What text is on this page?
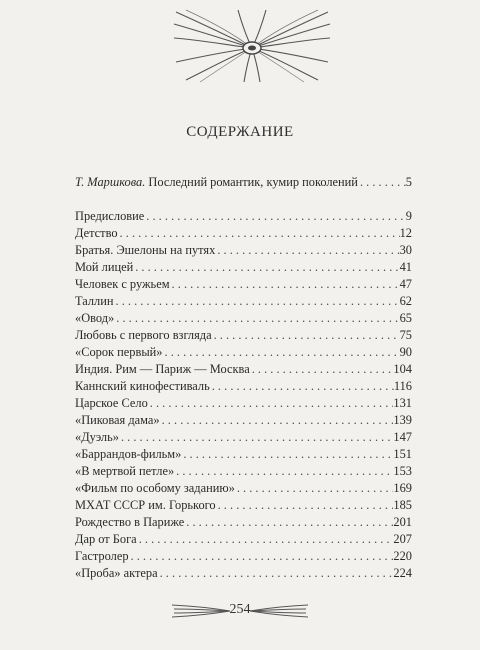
СОДЕРЖАНИЕ
Т. Маршкова. Последний романтик, кумир поколений . . .	5
Предисловие . . .	9
Детство . . .	12
Братья. Эшелоны на путях . . .	30
Мой лицей . . .	41
Человек с ружьем . . .	47
Таллин . . .	62
«Овод» . . .	65
Любовь с первого взгляда . . .	75
«Сорок первый» . . .	90
Индия. Рим — Париж — Москва . . .	104
Каннский кинофестиваль . . .	116
Царское Село . . .	131
«Пиковая дама» . . .	139
«Дуэль» . . .	147
«Баррандов-фильм» . . .	151
«В мертвой петле» . . .	153
«Фильм по особому заданию» . . .	169
МХАТ СССР им. Горького . . .	185
Рождество в Париже . . .	201
Дар от Бога . . .	207
Гастролер . . .	220
«Проба» актера . . .	224
254
